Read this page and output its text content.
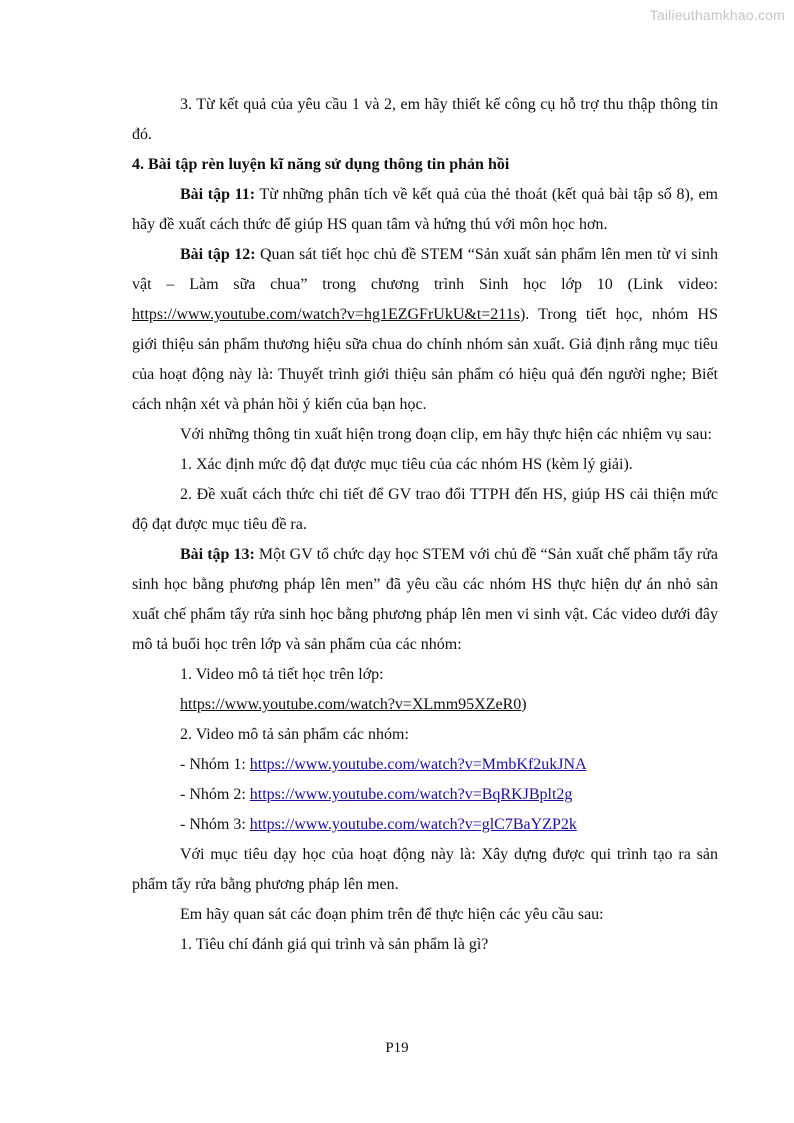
Tailieuthamkhao.com

3. Từ kết quả của yêu cầu 1 và 2, em hãy thiết kế công cụ hỗ trợ thu thập thông tin đó.

4. Bài tập rèn luyện kĩ năng sử dụng thông tin phản hồi

Bài tập 11: Từ những phân tích về kết quả của thẻ thoát (kết quả bài tập số 8), em hãy đề xuất cách thức để giúp HS quan tâm và hứng thú với môn học hơn.

Bài tập 12: Quan sát tiết học chủ đề STEM “Sản xuất sản phẩm lên men từ vi sinh vật – Làm sữa chua” trong chương trình Sinh học lớp 10 (Link video: https://www.youtube.com/watch?v=hg1EZGFrUkU&t=211s). Trong tiết học, nhóm HS giới thiệu sản phẩm thương hiệu sữa chua do chính nhóm sản xuất. Giả định rằng mục tiêu của hoạt động này là: Thuyết trình giới thiệu sản phẩm có hiệu quả đến người nghe; Biết cách nhận xét và phản hồi ý kiến của bạn học.

Với những thông tin xuất hiện trong đoạn clip, em hãy thực hiện các nhiệm vụ sau:

1. Xác định mức độ đạt được mục tiêu của các nhóm HS (kèm lý giải).

2. Đề xuất cách thức chi tiết để GV trao đổi TTPH đến HS, giúp HS cải thiện mức độ đạt được mục tiêu đề ra.

Bài tập 13: Một GV tổ chức dạy học STEM với chủ đề “Sản xuất chế phẩm tẩy rửa sinh học bằng phương pháp lên men” đã yêu cầu các nhóm HS thực hiện dự án nhỏ sản xuất chế phẩm tẩy rửa sinh học bằng phương pháp lên men vi sinh vật. Các video dưới đây mô tả buổi học trên lớp và sản phẩm của các nhóm:

1. Video mô tả tiết học trên lớp:

https://www.youtube.com/watch?v=XLmm95XZeR0)

2. Video mô tả sản phẩm các nhóm:

- Nhóm 1: https://www.youtube.com/watch?v=MmbKf2ukJNA

- Nhóm 2: https://www.youtube.com/watch?v=BqRKJBplt2g

- Nhóm 3: https://www.youtube.com/watch?v=glC7BaYZP2k

Với mục tiêu dạy học của hoạt động này là: Xây dựng được qui trình tạo ra sản phẩm tẩy rửa bằng phương pháp lên men.

Em hãy quan sát các đoạn phim trên để thực hiện các yêu cầu sau:

1. Tiêu chí đánh giá qui trình và sản phẩm là gì?

P19
